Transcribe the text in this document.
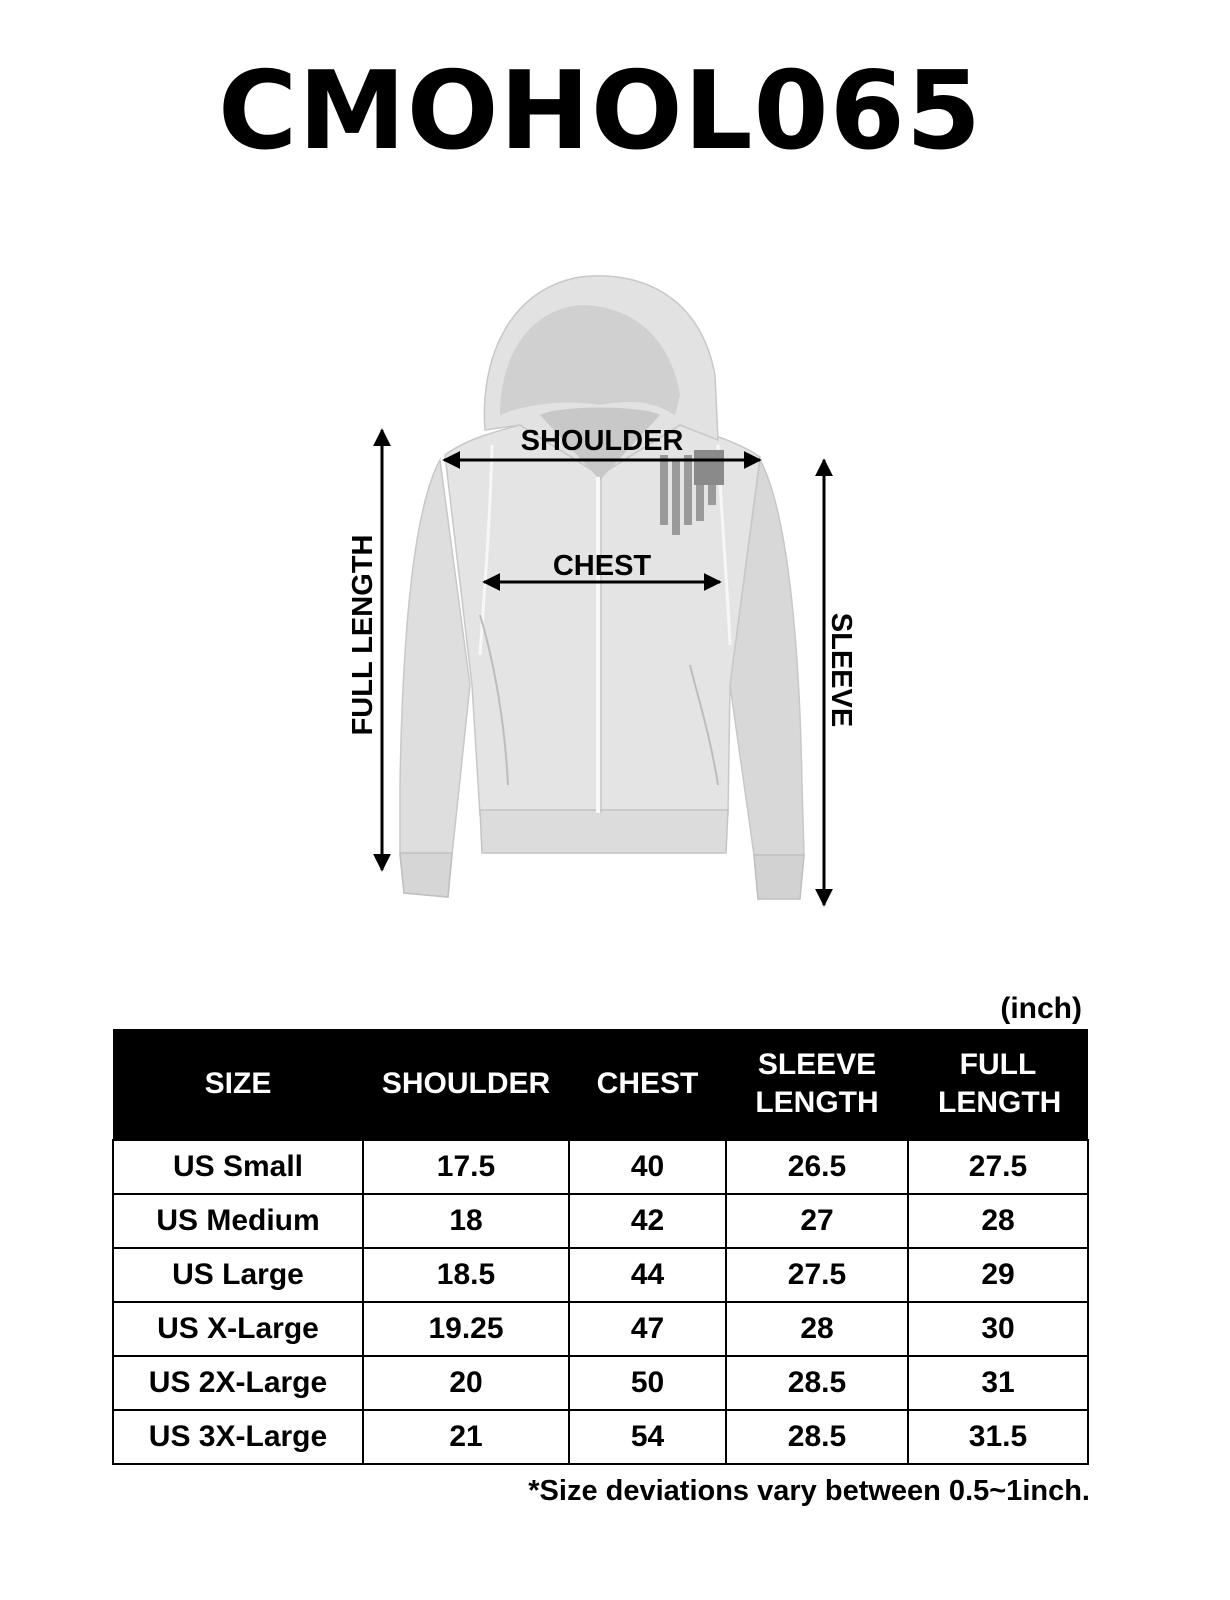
CMOHOL065
SHOULDER
CHEST
FULL LENGTH	SLEEVE
(inch)
SIZE	SHOULDER	CHEST	SLEEVE LENGTH	FULL LENGTH
US Small	17.5	40	26.5	27.5
US Medium	18	42	27	28
US Large	18.5	44	27.5	29
US X-Large	19.25	47	28	30
US 2X-Large	20	50	28.5	31
US 3X-Large	21	54	28.5	31.5
*Size deviations vary between 0.5~1inch.
